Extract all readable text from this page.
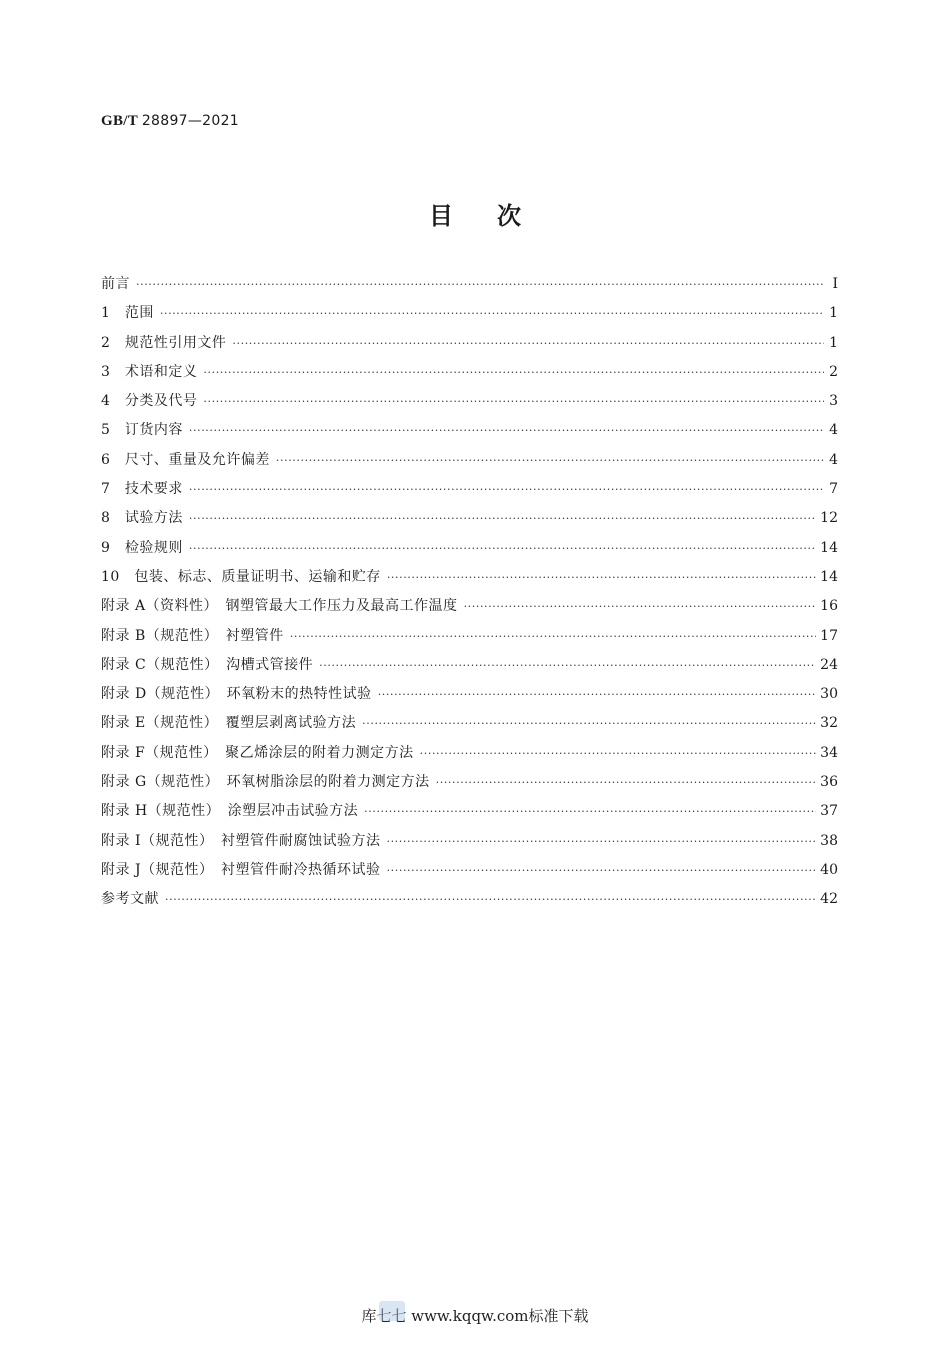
GB/T 28897—2021
目次
前言 ·····	Ⅰ
1　范围 ·····	1
2　规范性引用文件 ·····	1
3　术语和定义 ·····	2
4　分类及代号 ·····	3
5　订货内容 ·····	4
6　尺寸、重量及允许偏差 ·····	4
7　技术要求 ·····	7
8　试验方法 ·····	12
9　检验规则 ·····	14
10　包装、标志、质量证明书、运输和贮存 ·····	14
附录 A（资料性）　钢塑管最大工作压力及最高工作温度 ·····	16
附录 B（规范性）　衬塑管件 ·····	17
附录 C（规范性）　沟槽式管接件 ·····	24
附录 D（规范性）　环氧粉末的热特性试验 ·····	30
附录 E（规范性）　覆塑层剥离试验方法 ·····	32
附录 F（规范性）　聚乙烯涂层的附着力测定方法 ·····	34
附录 G（规范性）　环氧树脂涂层的附着力测定方法 ·····	36
附录 H（规范性）　涂塑层冲击试验方法 ·····	37
附录 I（规范性）　衬塑管件耐腐蚀试验方法 ·····	38
附录 J（规范性）　衬塑管件耐冷热循环试验 ·····	40
参考文献 ·····	42
库七七 www.kqqw.com标准下载
